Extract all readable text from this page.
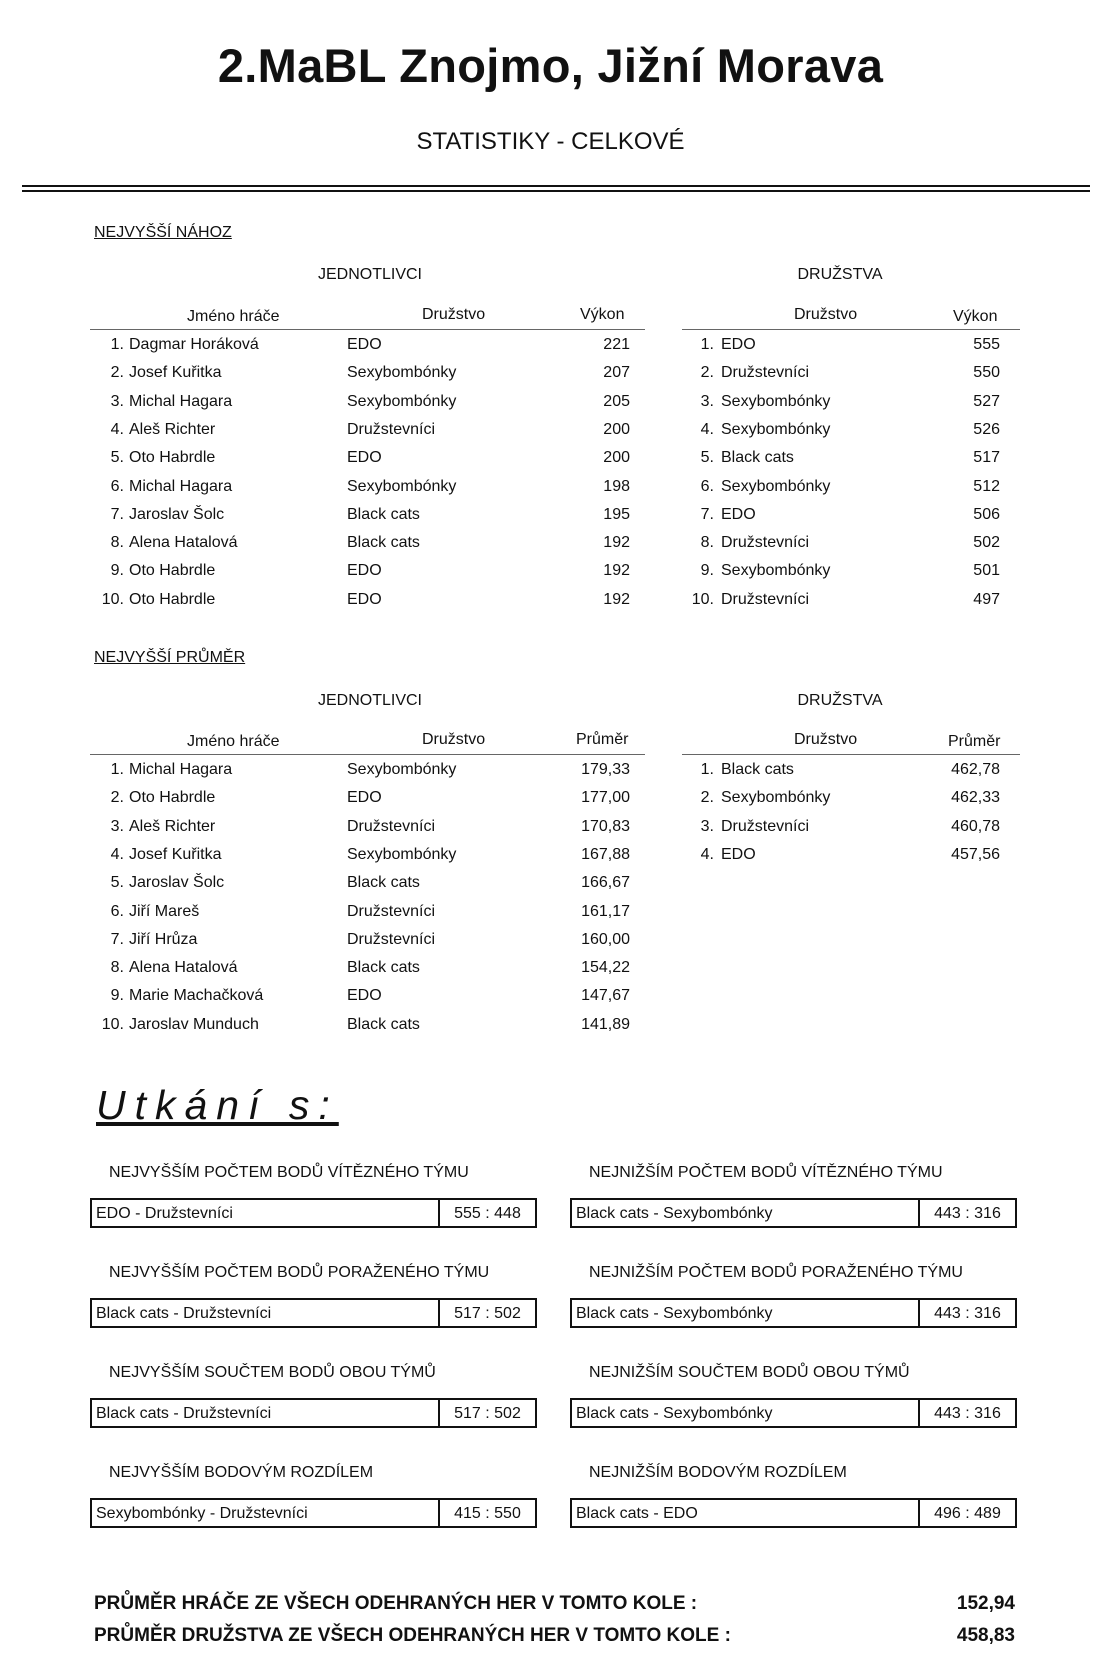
2.MaBL Znojmo, Jižní Morava
STATISTIKY - CELKOVÉ
NEJVYŠŠÍ NÁHOZ
JEDNOTLIVCI	DRUŽSTVA
Jméno hráče	Družstvo	Výkon	Družstvo	Výkon
1. Dagmar Horáková	EDO	221
2. Josef Kuřitka	Sexybombónky	207
3. Michal Hagara	Sexybombónky	205
4. Aleš Richter	Družstevníci	200
5. Oto Habrdle	EDO	200
6. Michal Hagara	Sexybombónky	198
7. Jaroslav Šolc	Black cats	195
8. Alena Hatalová	Black cats	192
9. Oto Habrdle	EDO	192
10. Oto Habrdle	EDO	192
1. EDO	555
2. Družstevníci	550
3. Sexybombónky	527
4. Sexybombónky	526
5. Black cats	517
6. Sexybombónky	512
7. EDO	506
8. Družstevníci	502
9. Sexybombónky	501
10. Družstevníci	497
NEJVYŠŠÍ PRŮMĚR
JEDNOTLIVCI	DRUŽSTVA
Jméno hráče	Družstvo	Průměr	Družstvo	Průměr
1. Michal Hagara	Sexybombónky	179,33
2. Oto Habrdle	EDO	177,00
3. Aleš Richter	Družstevníci	170,83
4. Josef Kuřitka	Sexybombónky	167,88
5. Jaroslav Šolc	Black cats	166,67
6. Jiří Mareš	Družstevníci	161,17
7. Jiří Hrůza	Družstevníci	160,00
8. Alena Hatalová	Black cats	154,22
9. Marie Machačková	EDO	147,67
10. Jaroslav Munduch	Black cats	141,89
1. Black cats	462,78
2. Sexybombónky	462,33
3. Družstevníci	460,78
4. EDO	457,56
Utkání s:
NEJVYŠŠÍM POČTEM BODŮ VÍTĚZNÉHO TÝMU
EDO - Družstevníci	555 : 448
NEJNIŽŠÍM POČTEM BODŮ VÍTĚZNÉHO TÝMU
Black cats - Sexybombónky	443 : 316
NEJVYŠŠÍM POČTEM BODŮ PORAŽENÉHO TÝMU
Black cats - Družstevníci	517 : 502
NEJNIŽŠÍM POČTEM BODŮ PORAŽENÉHO TÝMU
Black cats - Sexybombónky	443 : 316
NEJVYŠŠÍM SOUČTEM BODŮ OBOU TÝMŮ
Black cats - Družstevníci	517 : 502
NEJNIŽŠÍM SOUČTEM BODŮ OBOU TÝMŮ
Black cats - Sexybombónky	443 : 316
NEJVYŠŠÍM BODOVÝM ROZDÍLEM
Sexybombónky - Družstevníci	415 : 550
NEJNIŽŠÍM BODOVÝM ROZDÍLEM
Black cats - EDO	496 : 489
PRŮMĚR HRÁČE ZE VŠECH ODEHRANÝCH HER V TOMTO KOLE :	152,94
PRŮMĚR DRUŽSTVA ZE VŠECH ODEHRANÝCH HER V TOMTO KOLE :	458,83
